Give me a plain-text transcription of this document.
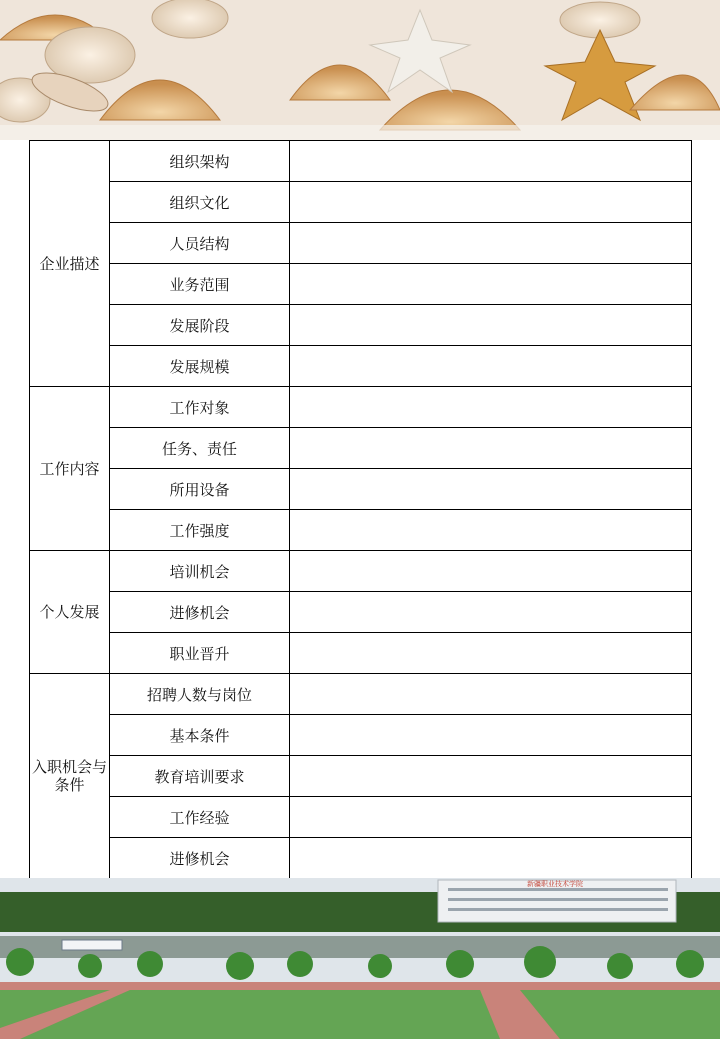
企业描述	组织架构	
	组织文化	
	人员结构	
	业务范围	
	发展阶段	
	发展规模	
工作内容	工作对象	
	任务、责任	
	所用设备	
	工作强度	
个人发展	培训机会	
	进修机会	
	职业晋升	
入职机会与条件	招聘人数与岗位	
	基本条件	
	教育培训要求	
	工作经验	
	进修机会	
新疆职业技术学院
